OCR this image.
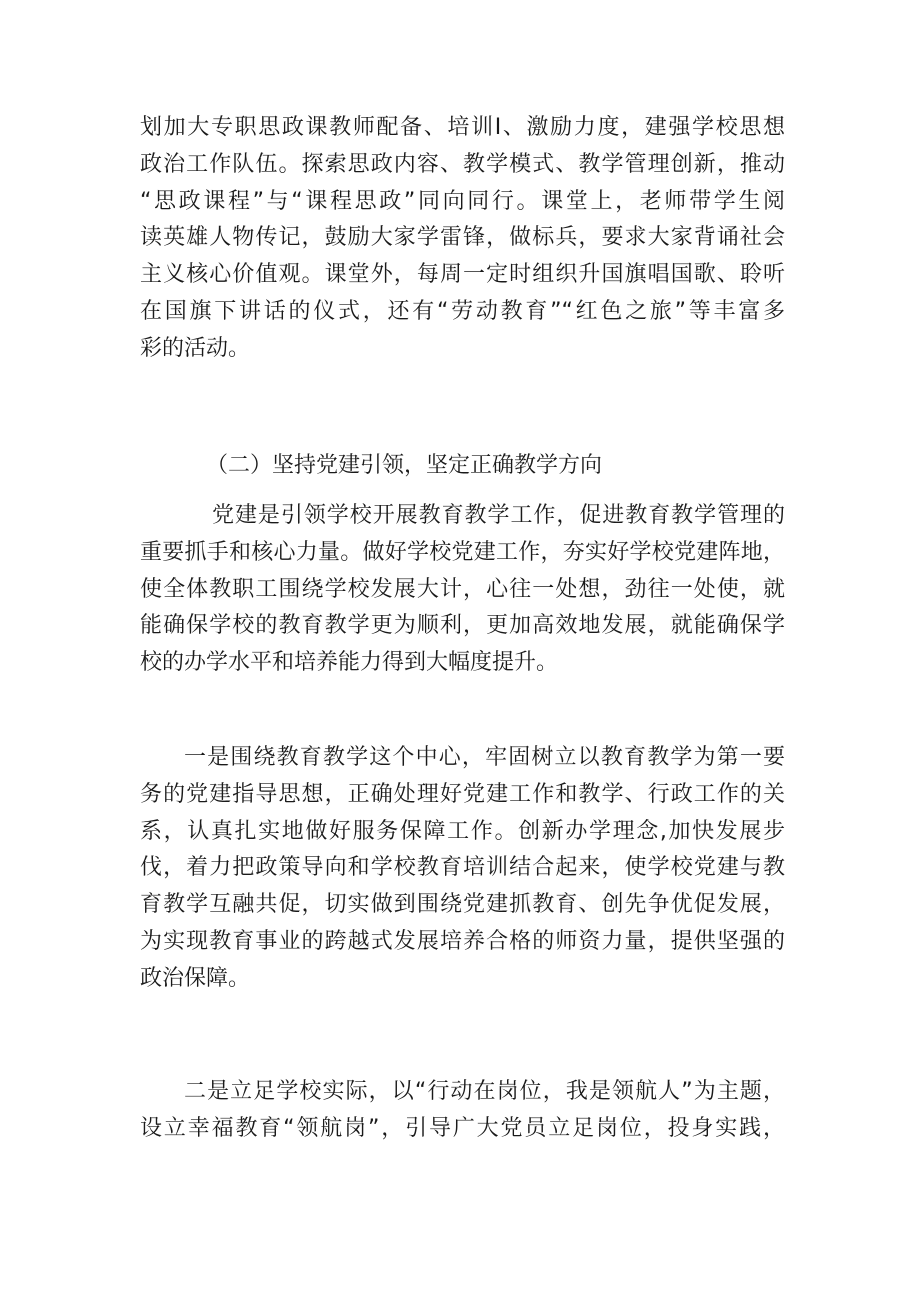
划加大专职思政课教师配备、培训I、激励力度，建强学校思想
政治工作队伍。探索思政内容、教学模式、教学管理创新，推动
“思政课程”与“课程思政”同向同行。课堂上，老师带学生阅
读英雄人物传记，鼓励大家学雷锋，做标兵，要求大家背诵社会
主义核心价值观。课堂外，每周一定时组织升国旗唱国歌、聆听
在国旗下讲话的仪式，还有“劳动教育”“红色之旅”等丰富多
彩的活动。
（二）坚持党建引领，坚定正确教学方向
党建是引领学校开展教育教学工作，促进教育教学管理的
重要抓手和核心力量。做好学校党建工作，夯实好学校党建阵地，
使全体教职工围绕学校发展大计，心往一处想，劲往一处使，就
能确保学校的教育教学更为顺利，更加高效地发展，就能确保学
校的办学水平和培养能力得到大幅度提升。
一是围绕教育教学这个中心，牢固树立以教育教学为第一要
务的党建指导思想，正确处理好党建工作和教学、行政工作的关
系，认真扎实地做好服务保障工作。创新办学理念,加快发展步
伐，着力把政策导向和学校教育培训结合起来，使学校党建与教
育教学互融共促，切实做到围绕党建抓教育、创先争优促发展，
为实现教育事业的跨越式发展培养合格的师资力量，提供坚强的
政治保障。
二是立足学校实际，以“行动在岗位，我是领航人”为主题，
设立幸福教育“领航岗”，引导广大党员立足岗位，投身实践，
